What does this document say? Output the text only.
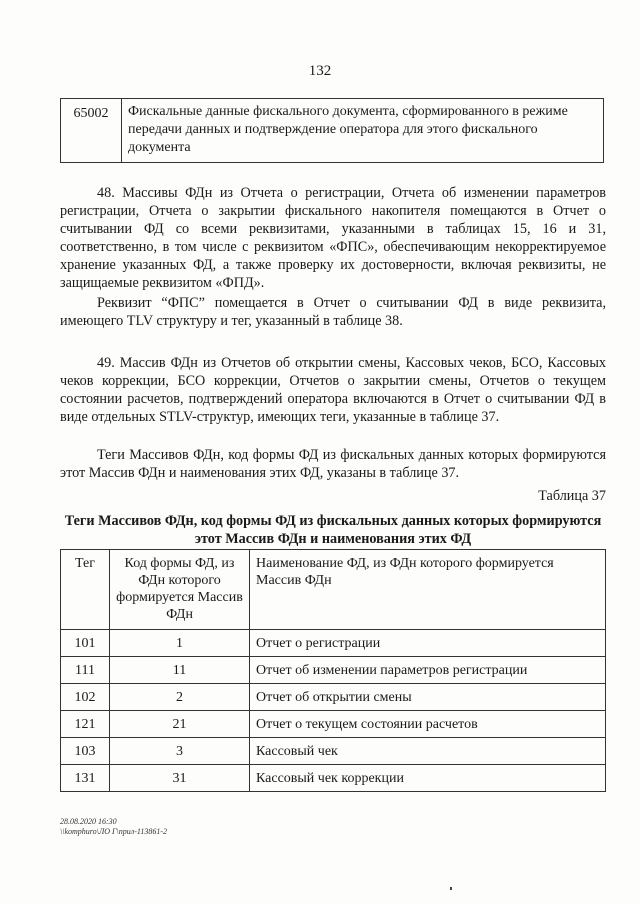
132
65002	Фискальные данные фискального документа, сформированного в режиме передачи данных и подтверждение оператора для этого фискального документа

48. Массивы ФДн из Отчета о регистрации, Отчета об изменении параметров регистрации, Отчета о закрытии фискального накопителя помещаются в Отчет о считывании ФД со всеми реквизитами, указанными в таблицах 15, 16 и 31, соответственно, в том числе с реквизитом «ФПС», обеспечивающим некорректируемое хранение указанных ФД, а также проверку их достоверности, включая реквизиты, не защищаемые реквизитом «ФПД».

Реквизит “ФПС” помещается в Отчет о считывании ФД в виде реквизита, имеющего TLV структуру и тег, указанный в таблице 38.

49. Массив ФДн из Отчетов об открытии смены, Кассовых чеков, БСО, Кассовых чеков коррекции, БСО коррекции, Отчетов о закрытии смены, Отчетов о текущем состоянии расчетов, подтверждений оператора включаются в Отчет о считывании ФД в виде отдельных STLV-структур, имеющих теги, указанные в таблице 37.

Теги Массивов ФДн, код формы ФД из фискальных данных которых формируются этот Массив ФДн и наименования этих ФД, указаны в таблице 37.

Таблица 37
Теги Массивов ФДн, код формы ФД из фискальных данных которых формируются этот Массив ФДн и наименования этих ФД
Тег	Код формы ФД, из ФДн которого формируется Массив ФДн	Наименование ФД, из ФДн которого формируется Массив ФДн
101	1	Отчет о регистрации
111	11	Отчет об изменении параметров регистрации
102	2	Отчет об открытии смены
121	21	Отчет о текущем состоянии расчетов
103	3	Кассовый чек
131	31	Кассовый чек коррекции
28.08.2020 16:30
\\komphuro\ЛО Г\прил-113861-2
